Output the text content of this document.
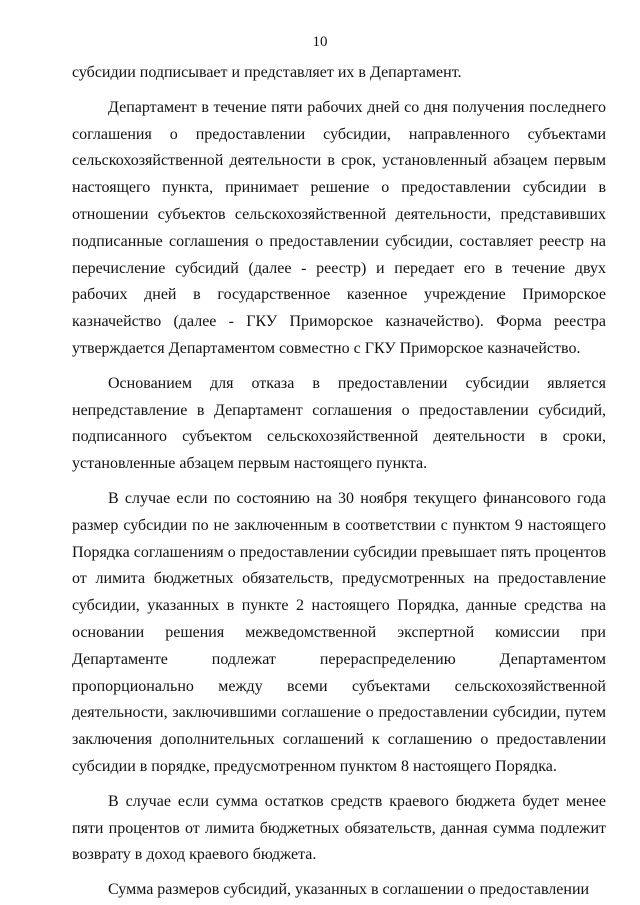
10

субсидии подписывает и представляет их в Департамент.

Департамент в течение пяти рабочих дней со дня получения последнего соглашения о предоставлении субсидии, направленного субъектами сельскохозяйственной деятельности в срок, установленный абзацем первым настоящего пункта, принимает решение о предоставлении субсидии в отношении субъектов сельскохозяйственной деятельности, представивших подписанные соглашения о предоставлении субсидии, составляет реестр на перечисление субсидий (далее - реестр) и передает его в течение двух рабочих дней в государственное казенное учреждение Приморское казначейство (далее - ГКУ Приморское казначейство). Форма реестра утверждается Департаментом совместно с ГКУ Приморское казначейство.

Основанием для отказа в предоставлении субсидии является непредставление в Департамент соглашения о предоставлении субсидий, подписанного субъектом сельскохозяйственной деятельности в сроки, установленные абзацем первым настоящего пункта.

В случае если по состоянию на 30 ноября текущего финансового года размер субсидии по не заключенным в соответствии с пунктом 9 настоящего Порядка соглашениям о предоставлении субсидии превышает пять процентов от лимита бюджетных обязательств, предусмотренных на предоставление субсидии, указанных в пункте 2 настоящего Порядка, данные средства на основании решения межведомственной экспертной комиссии при Департаменте подлежат перераспределению Департаментом пропорционально между всеми субъектами сельскохозяйственной деятельности, заключившими соглашение о предоставлении субсидии, путем заключения дополнительных соглашений к соглашению о предоставлении субсидии в порядке, предусмотренном пунктом 8 настоящего Порядка.

В случае если сумма остатков средств краевого бюджета будет менее пяти процентов от лимита бюджетных обязательств, данная сумма подлежит возврату в доход краевого бюджета.

Сумма размеров субсидий, указанных в соглашении о предоставлении
